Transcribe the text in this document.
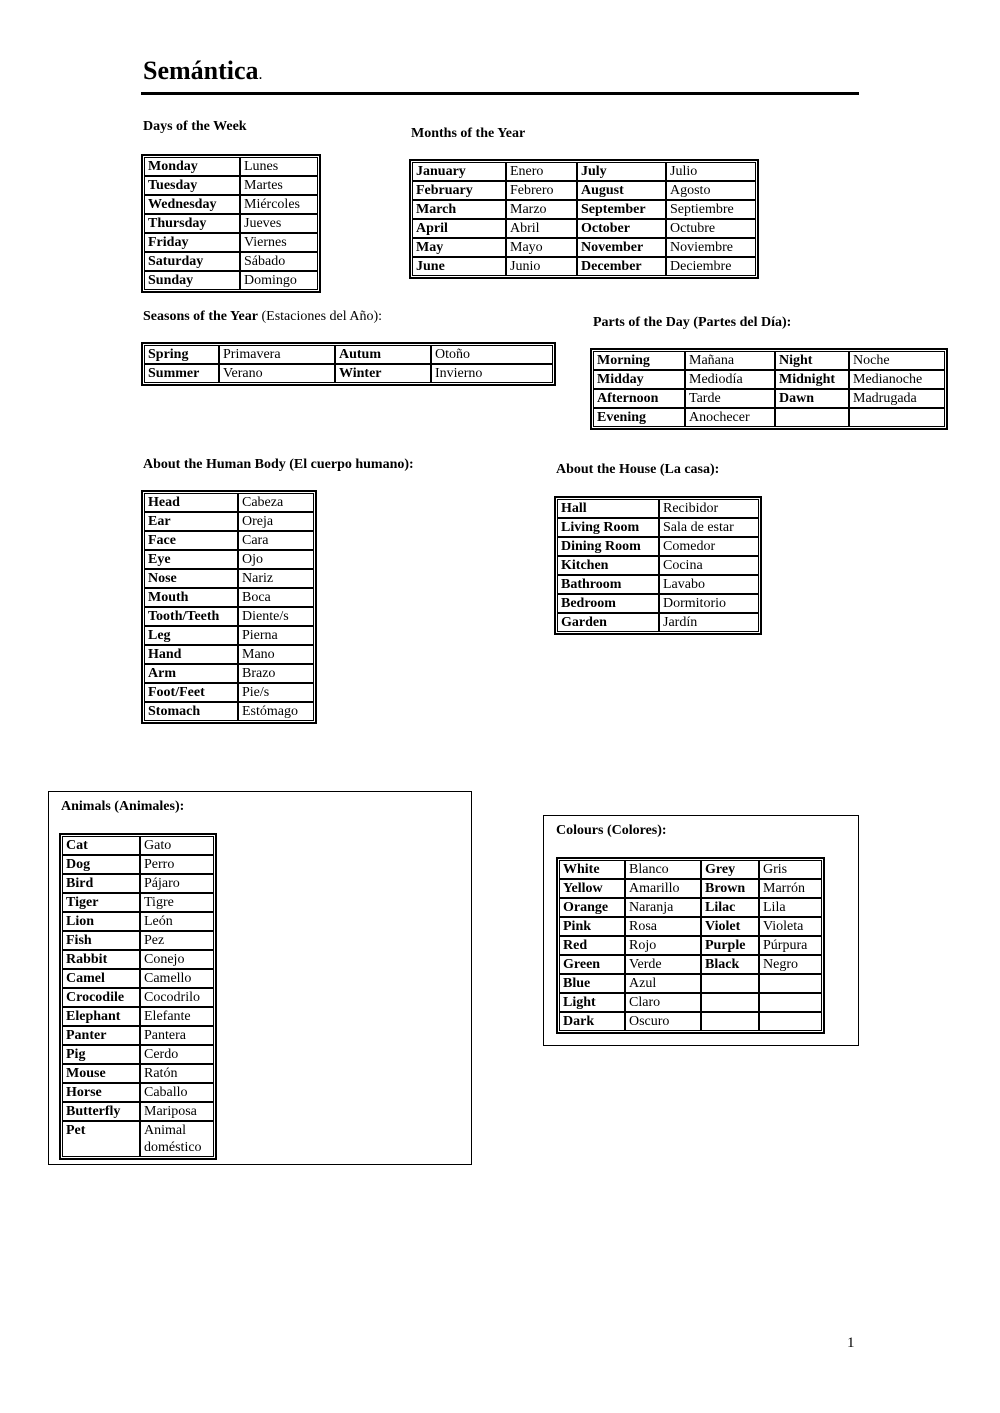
Semántica.
Days of the Week
Monday	Lunes
Tuesday	Martes
Wednesday	Miércoles
Thursday	Jueves
Friday	Viernes
Saturday	Sábado
Sunday	Domingo
Months of the Year
January	Enero	July	Julio
February	Febrero	August	Agosto
March	Marzo	September	Septiembre
April	Abril	October	Octubre
May	Mayo	November	Noviembre
June	Junio	December	Deciembre
Seasons of the Year (Estaciones del Año):
Spring	Primavera	Autum	Otoño
Summer	Verano	Winter	Invierno
Parts of the Day (Partes del Día):
Morning	Mañana	Night	Noche
Midday	Mediodía	Midnight	Medianoche
Afternoon	Tarde	Dawn	Madrugada
Evening	Anochecer		
About the Human Body (El cuerpo humano):
Head	Cabeza
Ear	Oreja
Face	Cara
Eye	Ojo
Nose	Nariz
Mouth	Boca
Tooth/Teeth	Diente/s
Leg	Pierna
Hand	Mano
Arm	Brazo
Foot/Feet	Pie/s
Stomach	Estómago
About the House (La casa):
Hall	Recibidor
Living Room	Sala de estar
Dining Room	Comedor
Kitchen	Cocina
Bathroom	Lavabo
Bedroom	Dormitorio
Garden	Jardín
Animals (Animales):
Cat	Gato
Dog	Perro
Bird	Pájaro
Tiger	Tigre
Lion	León
Fish	Pez
Rabbit	Conejo
Camel	Camello
Crocodile	Cocodrilo
Elephant	Elefante
Panter	Pantera
Pig	Cerdo
Mouse	Ratón
Horse	Caballo
Butterfly	Mariposa
Pet	Animal doméstico
Colours (Colores):
White	Blanco	Grey	Gris
Yellow	Amarillo	Brown	Marrón
Orange	Naranja	Lilac	Lila
Pink	Rosa	Violet	Violeta
Red	Rojo	Purple	Púrpura
Green	Verde	Black	Negro
Blue	Azul		
Light	Claro		
Dark	Oscuro		
1
